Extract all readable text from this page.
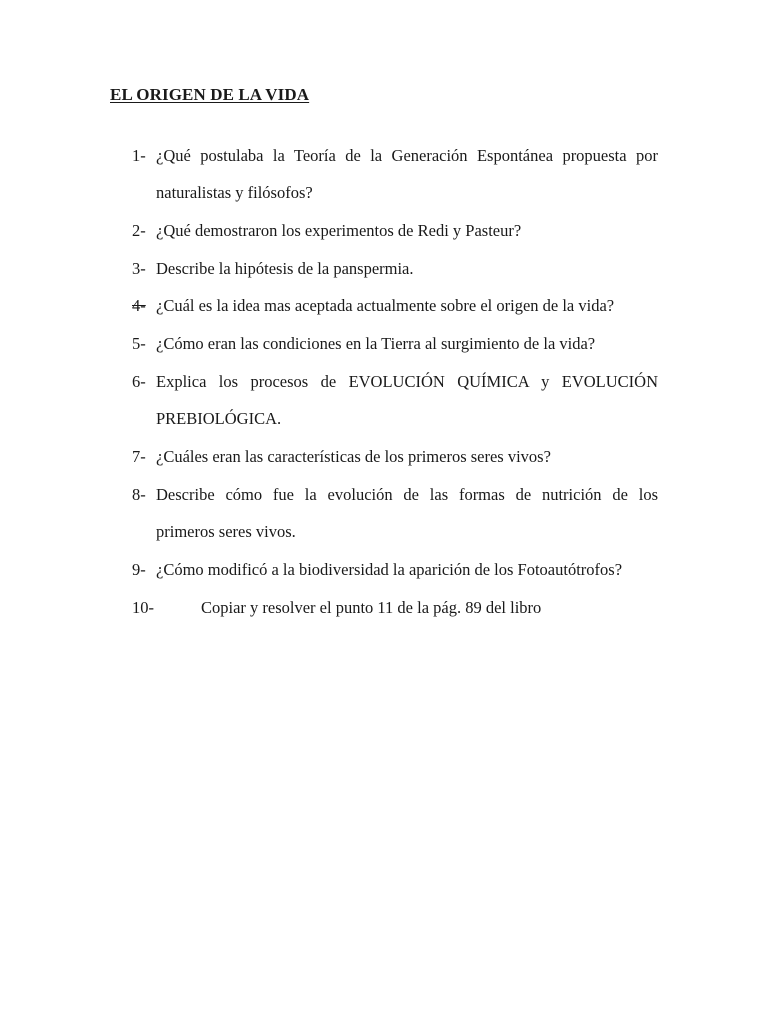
EL ORIGEN DE LA VIDA
1- ¿Qué postulaba la Teoría de la Generación Espontánea propuesta por
naturalistas y filósofos?
2- ¿Qué demostraron los experimentos de Redi y Pasteur?
3- Describe la hipótesis de la panspermia.
4- ¿Cuál es la idea mas aceptada actualmente sobre el origen de la vida?
5- ¿Cómo eran las condiciones en la Tierra al surgimiento de la vida?
6- Explica los procesos de EVOLUCIÓN QUÍMICA y EVOLUCIÓN
PREBIOLÓGICA.
7- ¿Cuáles eran las características de los primeros seres vivos?
8- Describe cómo fue la evolución de las formas de nutrición de los
primeros seres vivos.
9- ¿Cómo modificó a la biodiversidad la aparición de los Fotoautótrofos?
10-	Copiar y resolver el punto 11 de la pág. 89 del libro
